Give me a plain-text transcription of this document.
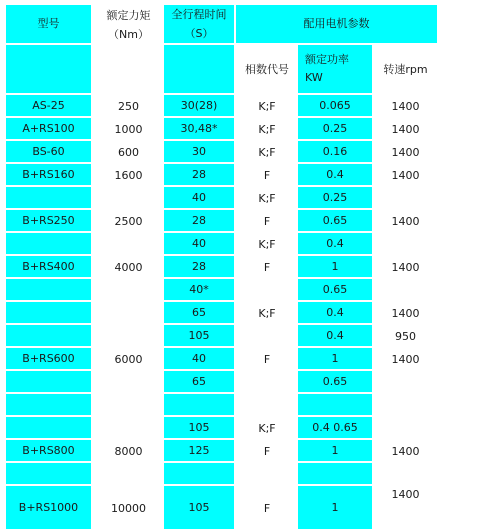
型号	额定力矩（Nm）	全行程时间（S）	配用电机参数		
			相数代号	额定功率KW	转速rpm
AS-25	250	30(28)	K;F	0.065	1400
A+RS100	1000	30,48*	K;F	0.25	1400
BS-60	600	30	K;F	0.16	1400
B+RS160	1600	28	F	0.4	1400
		40	K;F	0.25	
B+RS250	2500	28	F	0.65	1400
		40	K;F	0.4	
B+RS400	4000	28	F	1	1400
		40*		0.65	
		65	K;F	0.4	1400
		105		0.4	950
B+RS600	6000	40	F	1	1400
		65		0.65	

		105	K;F	0.4 0.65	
B+RS800	8000	125	F	1	1400

B+RS1000	10000	105	F	1	1400
